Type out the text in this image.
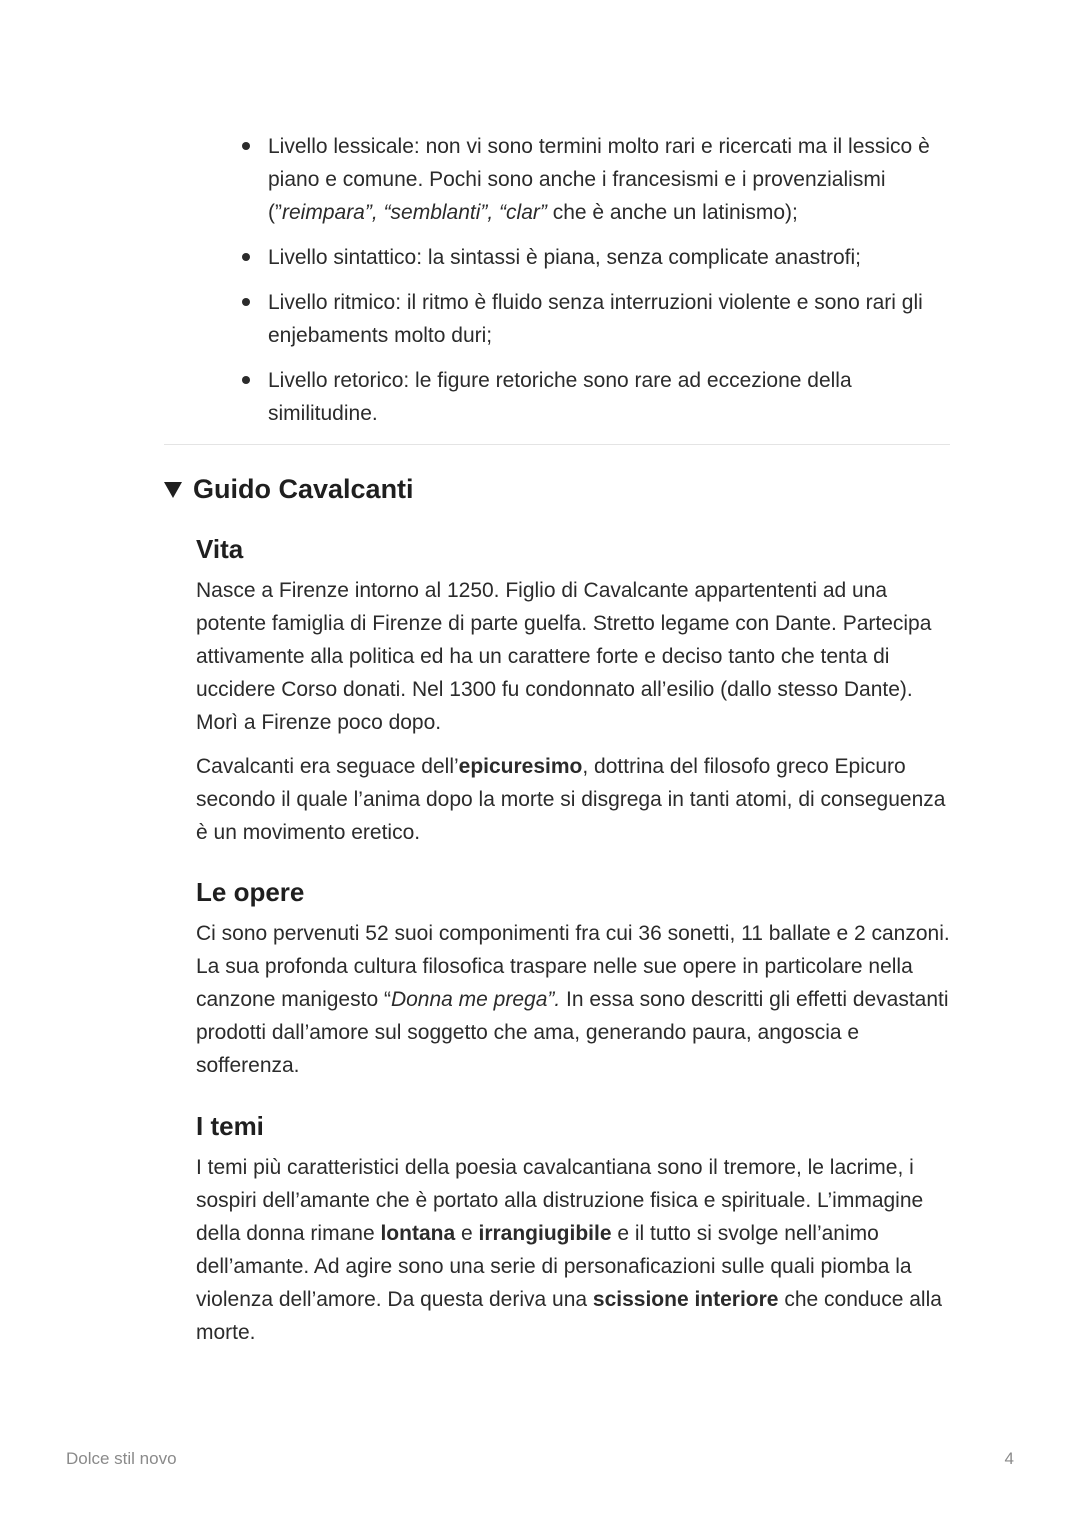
Livello lessicale: non vi sono termini molto rari e ricercati ma il lessico è piano e comune. Pochi sono anche i francesismi e i provenzialismi (”reimpara”, “semblanti”, “clar” che è anche un latinismo);
Livello sintattico: la sintassi è piana, senza complicate anastrofi;
Livello ritmico: il ritmo è fluido senza interruzioni violente e sono rari gli enjebaments molto duri;
Livello retorico: le figure retoriche sono rare ad eccezione della similitudine.
Guido Cavalcanti
Vita

Nasce a Firenze intorno al 1250. Figlio di Cavalcante appartententi ad una potente famiglia di Firenze di parte guelfa. Stretto legame con Dante. Partecipa attivamente alla politica ed ha un carattere forte e deciso tanto che tenta di uccidere Corso donati. Nel 1300 fu condonnato all’esilio (dallo stesso Dante). Morì a Firenze poco dopo.

Cavalcanti era seguace dell’epicuresimo, dottrina del filosofo greco Epicuro secondo il quale l’anima dopo la morte si disgrega in tanti atomi, di conseguenza è un movimento eretico.

Le opere

Ci sono pervenuti 52 suoi componimenti fra cui 36 sonetti, 11 ballate e 2 canzoni. La sua profonda cultura filosofica traspare nelle sue opere in particolare nella canzone manigesto “Donna me prega”. In essa sono descritti gli effetti devastanti prodotti dall’amore sul soggetto che ama, generando paura, angoscia e sofferenza.

I temi

I temi più caratteristici della poesia cavalcantiana sono il tremore, le lacrime, i sospiri dell’amante che è portato alla distruzione fisica e spirituale. L’immagine della donna rimane lontana e irrangiugibile e il tutto si svolge nell’animo dell’amante. Ad agire sono una serie di personaficazioni sulle quali piomba la violenza dell’amore. Da questa deriva una scissione interiore che conduce alla morte.

Dolce stil novo	4
